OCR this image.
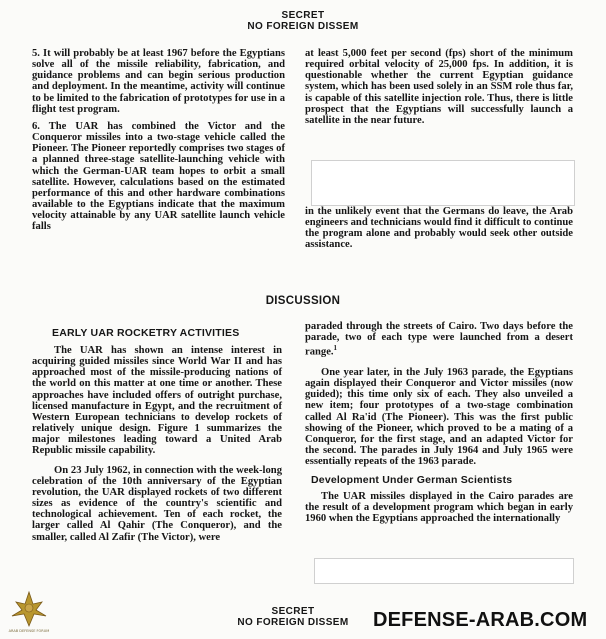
SECRET
NO FOREIGN DISSEM

5. It will probably be at least 1967 before the Egyptians solve all of the missile reliability, fabrication, and guidance problems and can begin serious production and deployment. In the meantime, activity will continue to be limited to the fabrication of prototypes for use in a flight test program.

6. The UAR has combined the Victor and the Conqueror missiles into a two-stage vehicle called the Pioneer. The Pioneer reportedly comprises two stages of a planned three-stage satellite-launching vehicle with which the German-UAR team hopes to orbit a small satellite. However, calculations based on the estimated performance of this and other hardware combinations available to the Egyptians indicate that the maximum velocity attainable by any UAR satellite launch vehicle falls

at least 5,000 feet per second (fps) short of the minimum required orbital velocity of 25,000 fps. In addition, it is questionable whether the current Egyptian guidance system, which has been used solely in an SSM role thus far, is capable of this satellite injection role. Thus, there is little prospect that the Egyptians will successfully launch a satellite in the near future.

in the unlikely event that the Germans do leave, the Arab engineers and technicians would find it difficult to continue the program alone and probably would seek other outside assistance.

DISCUSSION
EARLY UAR ROCKETRY ACTIVITIES

The UAR has shown an intense interest in acquiring guided missiles since World War II and has approached most of the missile-producing nations of the world on this matter at one time or another. These approaches have included offers of outright purchase, licensed manufacture in Egypt, and the recruitment of Western European technicians to develop rockets of relatively unique design. Figure 1 summarizes the major milestones leading toward a United Arab Republic missile capability.

On 23 July 1962, in connection with the week-long celebration of the 10th anniversary of the Egyptian revolution, the UAR displayed rockets of two different sizes as evidence of the country's scientific and technological achievement. Ten of each rocket, the larger called Al Qahir (The Conqueror), and the smaller, called Al Zafir (The Victor), were

paraded through the streets of Cairo. Two days before the parade, two of each type were launched from a desert range.$^1$

One year later, in the July 1963 parade, the Egyptians again displayed their Conqueror and Victor missiles (now guided); this time only six of each. They also unveiled a new item; four prototypes of a two-stage combination called Al Ra'id (The Pioneer). This was the first public showing of the Pioneer, which proved to be a mating of a Conqueror, for the first stage, and an adapted Victor for the second. The parades in July 1964 and July 1965 were essentially repeats of the 1963 parade.

Development Under German Scientists

The UAR missiles displayed in the Cairo parades are the result of a development program which began in early 1960 when the Egyptians approached the internationally

SECRET
NO FOREIGN DISSEM
ARAB DEFENSE FORUM	DEFENSE-ARAB.COM
